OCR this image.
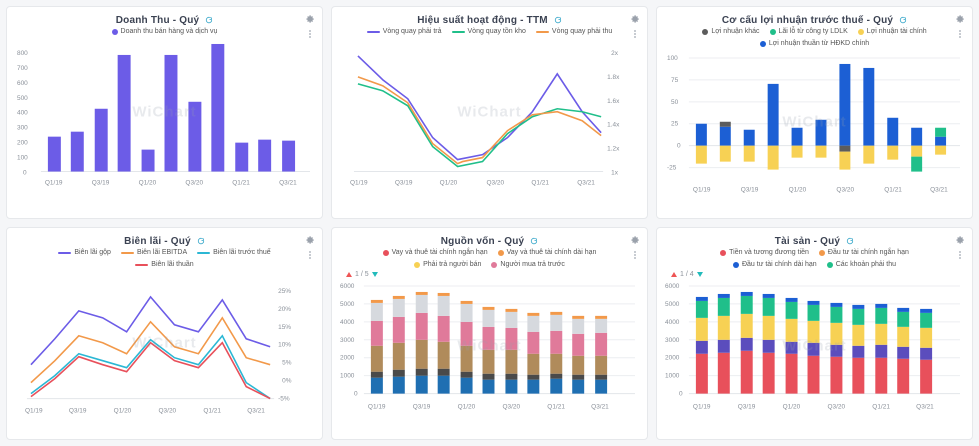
Doanh Thu - Quý
Doanh thu bán hàng và dịch vụ
WiChart
800
700
600
500
400
300
200
100
0
Q1/19	Q3/19	Q1/20	Q3/20	Q1/21	Q3/21
Hiệu suất hoạt động - TTM
Vòng quay phải trả	Vòng quay tồn kho	Vòng quay phải thu
WiChart
2x
1.8x
1.6x
1.4x
1.2x
1x
Q1/19	Q3/19	Q1/20	Q3/20	Q1/21	Q3/21
Cơ cấu lợi nhuận trước thuế - Quý
Lợi nhuận khác	Lãi lỗ từ công ty LDLK	Lợi nhuận tài chính
Lợi nhuận thuần từ HĐKD chính
WiChart
100
75
50
25
0
-25
Q1/19	Q3/19	Q1/20	Q3/20	Q1/21	Q3/21
Biên lãi - Quý
Biên lãi gộp	Biên lãi EBITDA	Biên lãi trước thuế
Biên lãi thuần
WiChart
25%
20%
15%
10%
5%
0%
-5%
Q1/19	Q3/19	Q1/20	Q3/20	Q1/21	Q3/21
Nguồn vốn - Quý
Vay và thuê tài chính ngắn hạn	Vay và thuê tài chính dài hạn
Phải trả người bán	Người mua trả trước
1 / 5
WiChart
6000
5000
4000
3000
2000
1000
0
Q1/19	Q3/19	Q1/20	Q3/20	Q1/21	Q3/21
Tài sản - Quý
Tiền và tương đương tiền	Đầu tư tài chính ngắn hạn
Đầu tư tài chính dài hạn	Các khoản phải thu
1 / 4
WiChart
6000
5000
4000
3000
2000
1000
0
Q1/19	Q3/19	Q1/20	Q3/20	Q1/21	Q3/21
